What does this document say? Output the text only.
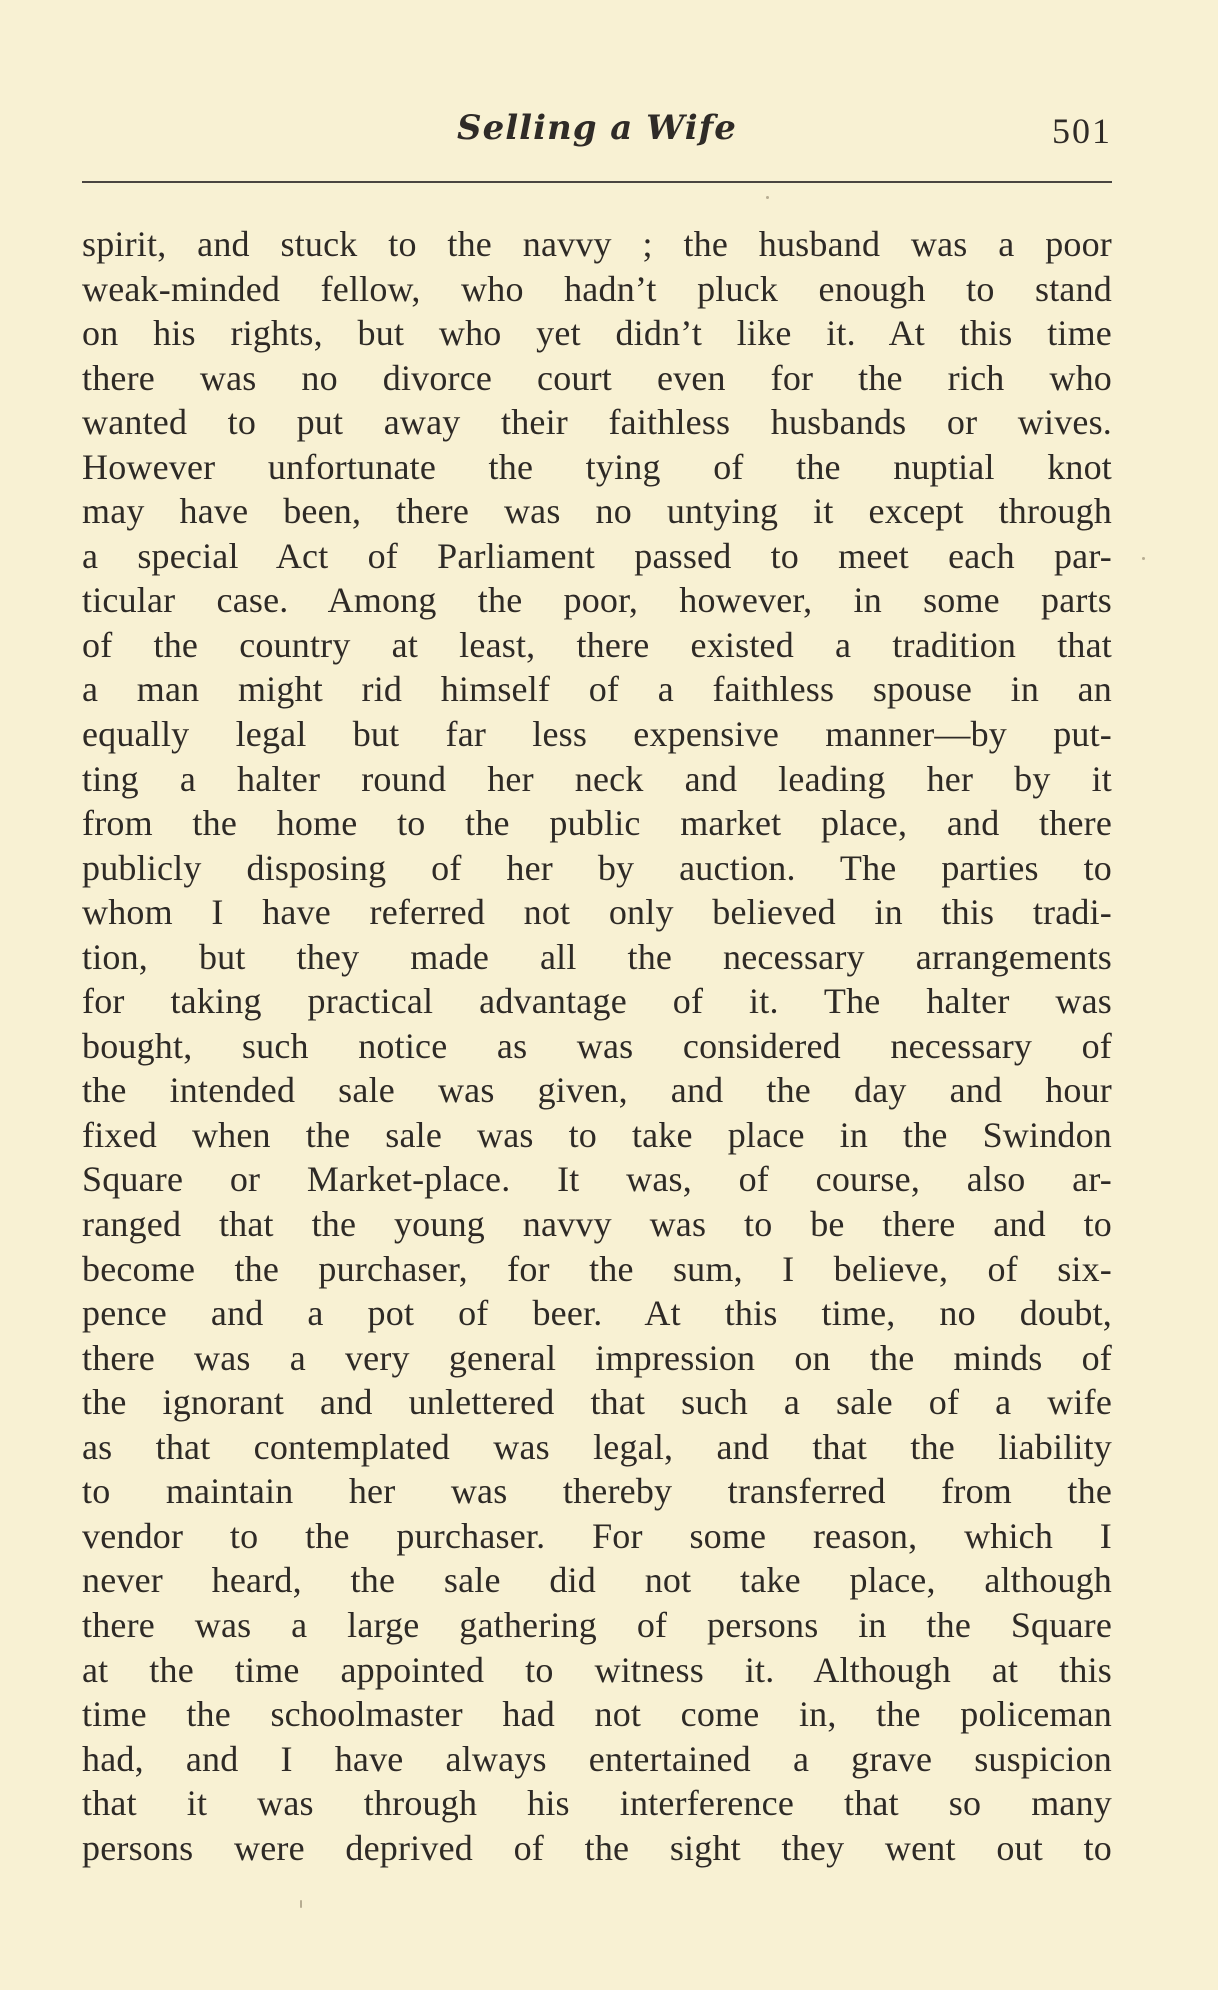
Selling a Wife	501
spirit, and stuck to the navvy ; the husband was a poor
weak-minded fellow, who hadn’t pluck enough to stand
on his rights, but who yet didn’t like it. At this time
there was no divorce court even for the rich who
wanted to put away their faithless husbands or wives.
However unfortunate the tying of the nuptial knot
may have been, there was no untying it except through
a special Act of Parliament passed to meet each par-
ticular case. Among the poor, however, in some parts
of the country at least, there existed a tradition that
a man might rid himself of a faithless spouse in an
equally legal but far less expensive manner—by put-
ting a halter round her neck and leading her by it
from the home to the public market place, and there
publicly disposing of her by auction. The parties to
whom I have referred not only believed in this tradi-
tion, but they made all the necessary arrangements
for taking practical advantage of it. The halter was
bought, such notice as was considered necessary of
the intended sale was given, and the day and hour
fixed when the sale was to take place in the Swindon
Square or Market-place. It was, of course, also ar-
ranged that the young navvy was to be there and to
become the purchaser, for the sum, I believe, of six-
pence and a pot of beer. At this time, no doubt,
there was a very general impression on the minds of
the ignorant and unlettered that such a sale of a wife
as that contemplated was legal, and that the liability
to maintain her was thereby transferred from the
vendor to the purchaser. For some reason, which I
never heard, the sale did not take place, although
there was a large gathering of persons in the Square
at the time appointed to witness it. Although at this
time the schoolmaster had not come in, the policeman
had, and I have always entertained a grave suspicion
that it was through his interference that so many
persons were deprived of the sight they went out to
